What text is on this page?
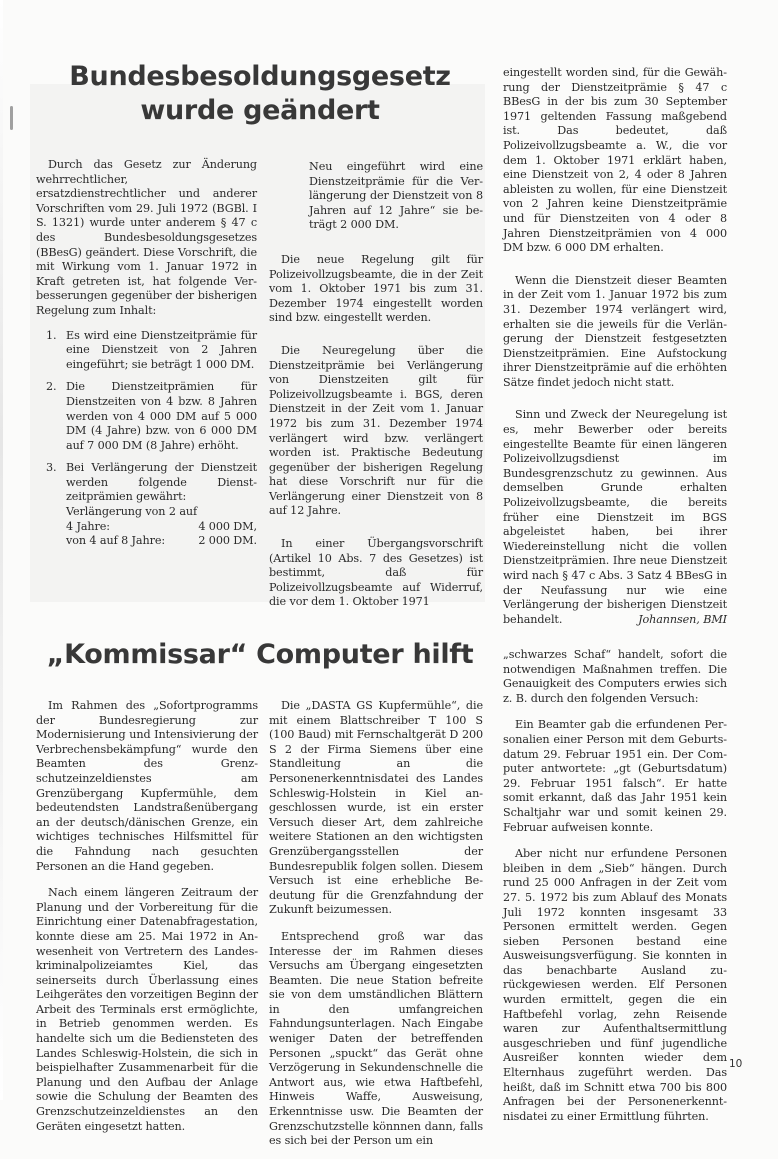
Bundesbesoldungsgesetz
wurde geändert

Durch das Gesetz zur Änderung wehrrechtlicher, ersatzdienstrechtlicher und anderer Vorschriften vom 29. Juli 1972 (BGBl. I S. 1321) wurde unter anderem § 47 c des Bundesbesoldungsgesetzes (BBesG) geändert. Diese Vorschrift, die mit Wirkung vom 1. Januar 1972 in Kraft getreten ist, hat folgende Verbesserungen gegenüber der bisherigen Regelung zum Inhalt:

1. Es wird eine Dienstzeitprämie für eine Dienstzeit von 2 Jahren eingeführt; sie beträgt 1 000 DM.
2. Die Dienstzeitprämien für Dienstzeiten von 4 bzw. 8 Jahren werden von 4 000 DM auf 5 000 DM (4 Jahre) bzw. von 6 000 DM auf 7 000 DM (8 Jahre) erhöht.
3. Bei Verlängerung der Dienstzeit werden folgende Dienstzeitprämien gewährt:
Verlängerung von 2 auf
4 Jahre:	4 000 DM,
von 4 auf 8 Jahre:	2 000 DM.

Neu eingeführt wird eine Dienstzeitprämie für die Verlängerung der Dienstzeit von 8 Jahren auf 12 Jahre“ sie beträgt 2 000 DM.

Die neue Regelung gilt für Polizeivollzugsbeamte, die in der Zeit vom 1. Oktober 1971 bis zum 31. Dezember 1974 eingestellt worden sind bzw. eingestellt werden.

Die Neuregelung über die Dienstzeitprämie bei Verlängerung von Dienstzeiten gilt für Polizeivollzugsbeamte i. BGS, deren Dienstzeit in der Zeit vom 1. Januar 1972 bis zum 31. Dezember 1974 verlängert wird bzw. verlängert worden ist. Praktische Bedeutung gegenüber der bisherigen Regelung hat diese Vorschrift nur für die Verlängerung einer Dienstzeit von 8 auf 12 Jahre.

In einer Übergangsvorschrift (Artikel 10 Abs. 7 des Gesetzes) ist bestimmt, daß für Polizeivollzugsbeamte auf Widerruf, die vor dem 1. Oktober 1971

eingestellt worden sind, für die Gewährung der Dienstzeitprämie § 47 c BBesG in der bis zum 30 September 1971 geltenden Fassung maßgebend ist. Das bedeutet, daß Polizeivollzugsbeamte a. W., die vor dem 1. Oktober 1971 erklärt haben, eine Dienstzeit von 2, 4 oder 8 Jahren ableisten zu wollen, für eine Dienstzeit von 2 Jahren keine Dienstzeitprämie und für Dienstzeiten von 4 oder 8 Jahren Dienstzeitprämien von 4 000 DM bzw. 6 000 DM erhalten.

Wenn die Dienstzeit dieser Beamten in der Zeit vom 1. Januar 1972 bis zum 31. Dezember 1974 verlängert wird, erhalten sie die jeweils für die Verlängerung der Dienstzeit festgesetzten Dienstzeitprämien. Eine Aufstockung ihrer Dienstzeitprämie auf die erhöhten Sätze findet jedoch nicht statt.

Sinn und Zweck der Neuregelung ist es, mehr Bewerber oder bereits eingestellte Beamte für einen längeren Polizeivollzugsdienst im Bundesgrenzschutz zu gewinnen. Aus demselben Grunde erhalten Polizeivollzugsbeamte, die bereits früher eine Dienstzeit im BGS abgeleistet haben, bei ihrer Wiedereinstellung nicht die vollen Dienstzeitprämien. Ihre neue Dienstzeit wird nach § 47 c Abs. 3 Satz 4 BBesG in der Neufassung nur wie eine Verlängerung der bisherigen Dienstzeit behandelt.	Johannsen, BMI

„Kommissar“ Computer hilft

Im Rahmen des „Sofortprogramms der Bundesregierung zur Modernisierung und Intensivierung der Verbrechensbekämpfung“ wurde den Beamten des Grenzschutzeinzeldienstes am Grenzübergang Kupfermühle, dem bedeutendsten Landstraßenübergang an der deutsch/dänischen Grenze, ein wichtiges technisches Hilfsmittel für die Fahndung nach gesuchten Personen an die Hand gegeben.

Nach einem längeren Zeitraum der Planung und der Vorbereitung für die Einrichtung einer Datenabfragestation, konnte diese am 25. Mai 1972 in Anwesenheit von Vertretern des Landeskriminalpolizeiamtes Kiel, das seinerseits durch Überlassung eines Leihgerätes den vorzeitigen Beginn der Arbeit des Terminals erst ermöglichte, in Betrieb genommen werden. Es handelte sich um die Bediensteten des Landes Schleswig-Holstein, die sich in beispielhafter Zusammenarbeit für die Planung und den Aufbau der Anlage sowie die Schulung der Beamten des Grenzschutzeinzeldienstes an den Geräten eingesetzt hatten.

Die „DASTA GS Kupfermühle“, die mit einem Blattschreiber T 100 S (100 Baud) mit Fernschaltgerät D 200 S 2 der Firma Siemens über eine Standleitung an die Personenerkenntnisdatei des Landes Schleswig-Holstein in Kiel angeschlossen wurde, ist ein erster Versuch dieser Art, dem zahlreiche weitere Stationen an den wichtigsten Grenzübergangsstellen der Bundesrepublik folgen sollen. Diesem Versuch ist eine erhebliche Bedeutung für die Grenzfahndung der Zukunft beizumessen.

Entsprechend groß war das Interesse der im Rahmen dieses Versuchs am Übergang eingesetzten Beamten. Die neue Station befreite sie von dem umständlichen Blättern in den umfangreichen Fahndungsunterlagen. Nach Eingabe weniger Daten der betreffenden Personen „spuckt“ das Gerät ohne Verzögerung in Sekundenschnelle die Antwort aus, wie etwa Haftbefehl, Hinweis Waffe, Ausweisung, Erkenntnisse usw. Die Beamten der Grenzschutzstelle könnnen dann, falls es sich bei der Person um ein

„schwarzes Schaf“ handelt, sofort die notwendigen Maßnahmen treffen. Die Genauigkeit des Computers erwies sich z. B. durch den folgenden Versuch:

Ein Beamter gab die erfundenen Personalien einer Person mit dem Geburtsdatum 29. Februar 1951 ein. Der Computer antwortete: „gt (Geburtsdatum) 29. Februar 1951 falsch“. Er hatte somit erkannt, daß das Jahr 1951 kein Schaltjahr war und somit keinen 29. Februar aufweisen konnte.

Aber nicht nur erfundene Personen bleiben in dem „Sieb“ hängen. Durch rund 25 000 Anfragen in der Zeit vom 27. 5. 1972 bis zum Ablauf des Monats Juli 1972 konnten insgesamt 33 Personen ermittelt werden. Gegen sieben Personen bestand eine Ausweisungsverfügung. Sie konnten in das benachbarte Ausland zurückgewiesen werden. Elf Personen wurden ermittelt, gegen die ein Haftbefehl vorlag, zehn Reisende waren zur Aufenthaltsermittlung ausgeschrieben und fünf jugendliche Ausreißer konnten wieder dem Elternhaus zugeführt werden. Das heißt, daß im Schnitt etwa 700 bis 800 Anfragen bei der Personenerkenntnisdatei zu einer Ermittlung führten.

10
